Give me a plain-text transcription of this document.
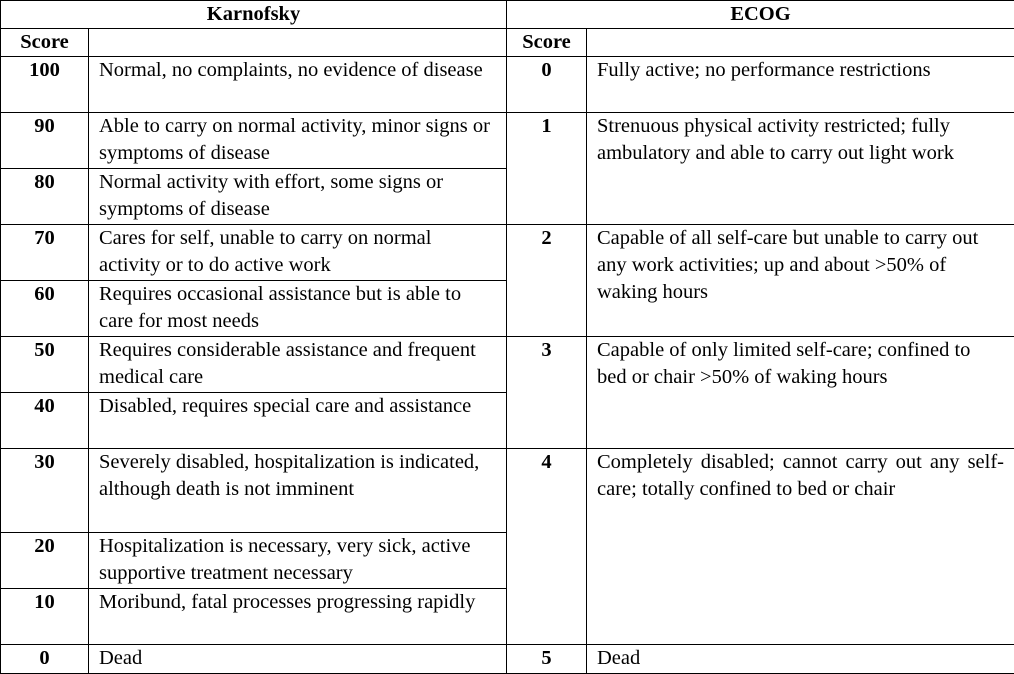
Karnofsky		ECOG	
Score		Score	
100	Normal, no complaints, no evidence of disease	0	Fully active; no performance restrictions
90	Able to carry on normal activity, minor signs or symptoms of disease	1	Strenuous physical activity restricted; fully ambulatory and able to carry out light work
80	Normal activity with effort, some signs or symptoms of disease		
70	Cares for self, unable to carry on normal activity or to do active work	2	Capable of all self-care but unable to carry out any work activities; up and about >50% of waking hours
60	Requires occasional assistance but is able to care for most needs		
50	Requires considerable assistance and frequent medical care	3	Capable of only limited self-care; confined to bed or chair >50% of waking hours
40	Disabled, requires special care and assistance		
30	Severely disabled, hospitalization is indicated, although death is not imminent	4	Completely disabled; cannot carry out any self-care; totally confined to bed or chair
20	Hospitalization is necessary, very sick, active supportive treatment necessary		
10	Moribund, fatal processes progressing rapidly		
0	Dead	5	Dead
